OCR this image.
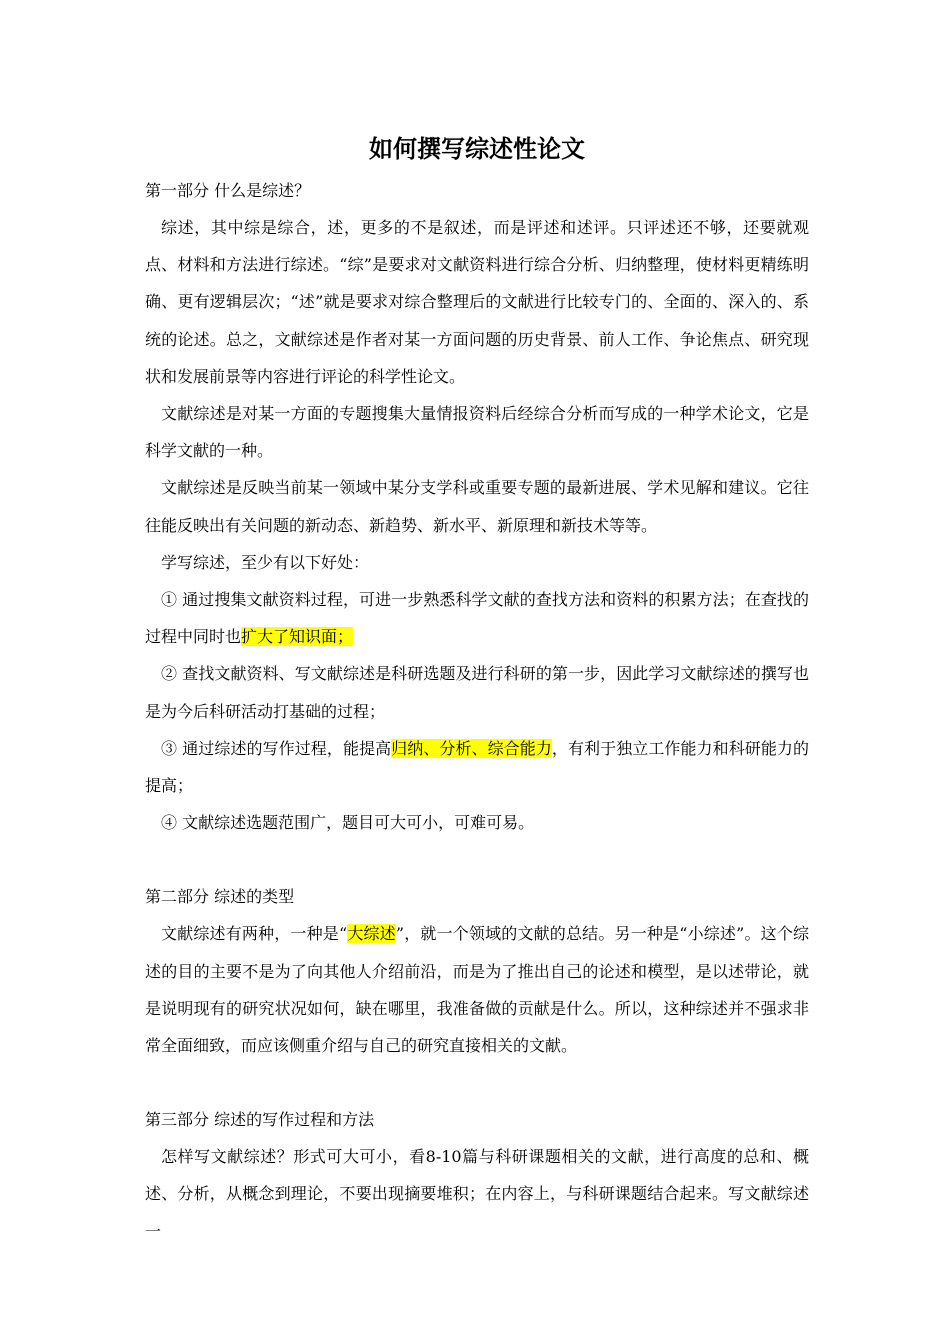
如何撰写综述性论文

第一部分 什么是综述？

综述，其中综是综合，述，更多的不是叙述，而是评述和述评。只评述还不够，还要就观点、材料和方法进行综述。“综”是要求对文献资料进行综合分析、归纳整理，使材料更精练明确、更有逻辑层次；“述”就是要求对综合整理后的文献进行比较专门的、全面的、深入的、系统的论述。总之，文献综述是作者对某一方面问题的历史背景、前人工作、争论焦点、研究现状和发展前景等内容进行评论的科学性论文。

文献综述是对某一方面的专题搜集大量情报资料后经综合分析而写成的一种学术论文，它是科学文献的一种。

文献综述是反映当前某一领域中某分支学科或重要专题的最新进展、学术见解和建议。它往往能反映出有关问题的新动态、新趋势、新水平、新原理和新技术等等。

学写综述，至少有以下好处：

① 通过搜集文献资料过程，可进一步熟悉科学文献的查找方法和资料的积累方法；在查找的过程中同时也扩大了知识面；

② 查找文献资料、写文献综述是科研选题及进行科研的第一步，因此学习文献综述的撰写也是为今后科研活动打基础的过程；

③ 通过综述的写作过程，能提高归纳、分析、综合能力，有利于独立工作能力和科研能力的提高；

④ 文献综述选题范围广，题目可大可小，可难可易。

第二部分 综述的类型

文献综述有两种，一种是“大综述”，就一个领域的文献的总结。另一种是“小综述”。这个综述的目的主要不是为了向其他人介绍前沿，而是为了推出自己的论述和模型，是以述带论，就是说明现有的研究状况如何，缺在哪里，我准备做的贡献是什么。所以，这种综述并不强求非常全面细致，而应该侧重介绍与自己的研究直接相关的文献。

第三部分 综述的写作过程和方法

怎样写文献综述？形式可大可小，看8-10篇与科研课题相关的文献，进行高度的总和、概述、分析，从概念到理论，不要出现摘要堆积；在内容上，与科研课题结合起来。写文献综述一
